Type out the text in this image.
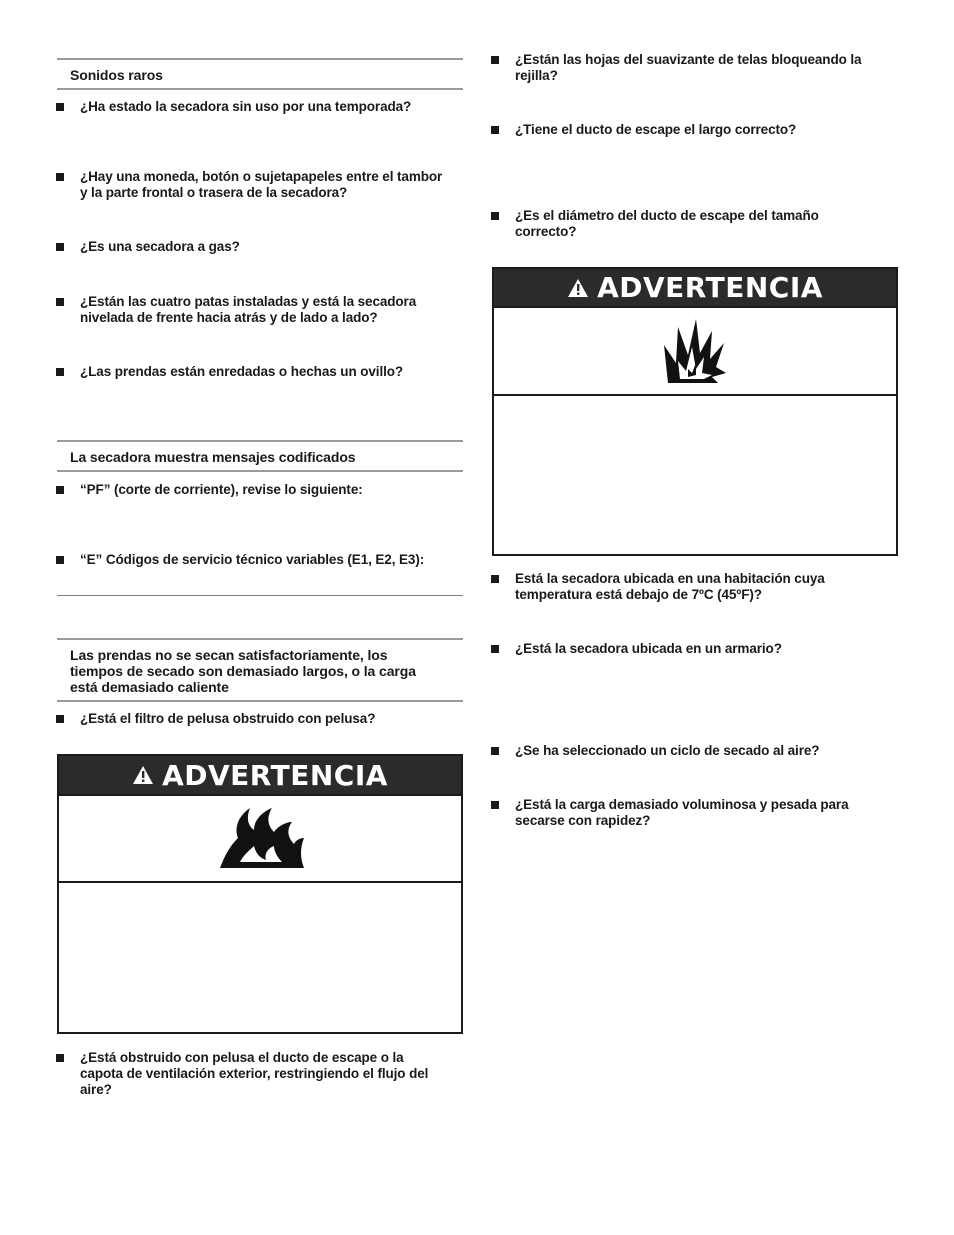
Sonidos raros
¿Ha estado la secadora sin uso por una temporada?
¿Hay una moneda, botón o sujetapapeles entre el tambor
y la parte frontal o trasera de la secadora?
¿Es una secadora a gas?
¿Están las cuatro patas instaladas y está la secadora
nivelada de frente hacia atrás y de lado a lado?
¿Las prendas están enredadas o hechas un ovillo?
La secadora muestra mensajes codificados
“PF” (corte de corriente), revise lo siguiente:
“E” Códigos de servicio técnico variables (E1, E2, E3):
Las prendas no se secan satisfactoriamente, los
tiempos de secado son demasiado largos, o la carga
está demasiado caliente
¿Está el filtro de pelusa obstruido con pelusa?
ADVERTENCIA
¿Está obstruido con pelusa el ducto de escape o la
capota de ventilación exterior, restringiendo el flujo del
aire?
¿Están las hojas del suavizante de telas bloqueando la
rejilla?
¿Tiene el ducto de escape el largo correcto?
¿Es el diámetro del ducto de escape del tamaño
correcto?
ADVERTENCIA
Está la secadora ubicada en una habitación cuya
temperatura está debajo de 7ºC (45ºF)?
¿Está la secadora ubicada en un armario?
¿Se ha seleccionado un ciclo de secado al aire?
¿Está la carga demasiado voluminosa y pesada para
secarse con rapidez?
